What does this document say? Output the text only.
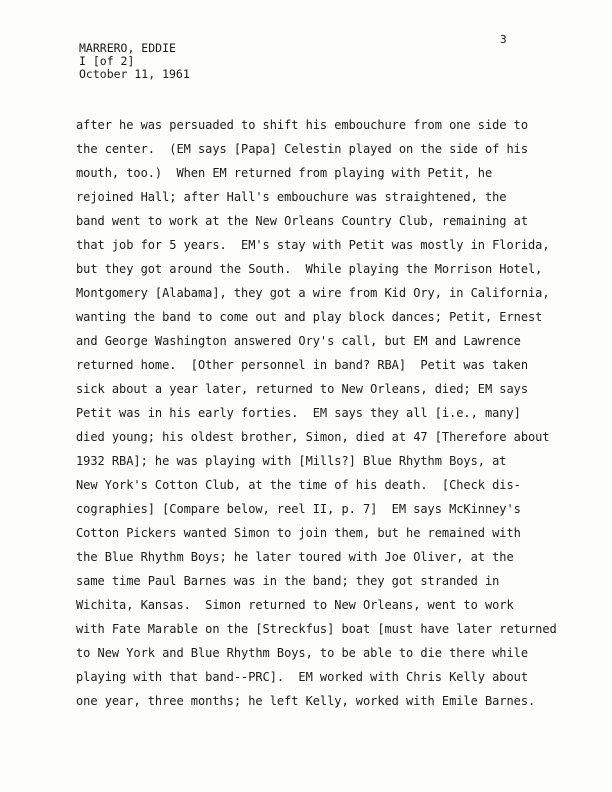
3
MARRERO, EDDIE
I [of 2]
October 11, 1961
after he was persuaded to shift his embouchure from one side to
the center.  (EM says [Papa] Celestin played on the side of his
mouth, too.)  When EM returned from playing with Petit, he
rejoined Hall; after Hall's embouchure was straightened, the
band went to work at the New Orleans Country Club, remaining at
that job for 5 years.  EM's stay with Petit was mostly in Florida,
but they got around the South.  While playing the Morrison Hotel,
Montgomery [Alabama], they got a wire from Kid Ory, in California,
wanting the band to come out and play block dances; Petit, Ernest
and George Washington answered Ory's call, but EM and Lawrence
returned home.  [Other personnel in band? RBA]  Petit was taken
sick about a year later, returned to New Orleans, died; EM says
Petit was in his early forties.  EM says they all [i.e., many]
died young; his oldest brother, Simon, died at 47 [Therefore about
1932 RBA]; he was playing with [Mills?] Blue Rhythm Boys, at
New York's Cotton Club, at the time of his death.  [Check dis-
cographies] [Compare below, reel II, p. 7]  EM says McKinney's
Cotton Pickers wanted Simon to join them, but he remained with
the Blue Rhythm Boys; he later toured with Joe Oliver, at the
same time Paul Barnes was in the band; they got stranded in
Wichita, Kansas.  Simon returned to New Orleans, went to work
with Fate Marable on the [Streckfus] boat [must have later returned
to New York and Blue Rhythm Boys, to be able to die there while
playing with that band--PRC].  EM worked with Chris Kelly about
one year, three months; he left Kelly, worked with Emile Barnes.
